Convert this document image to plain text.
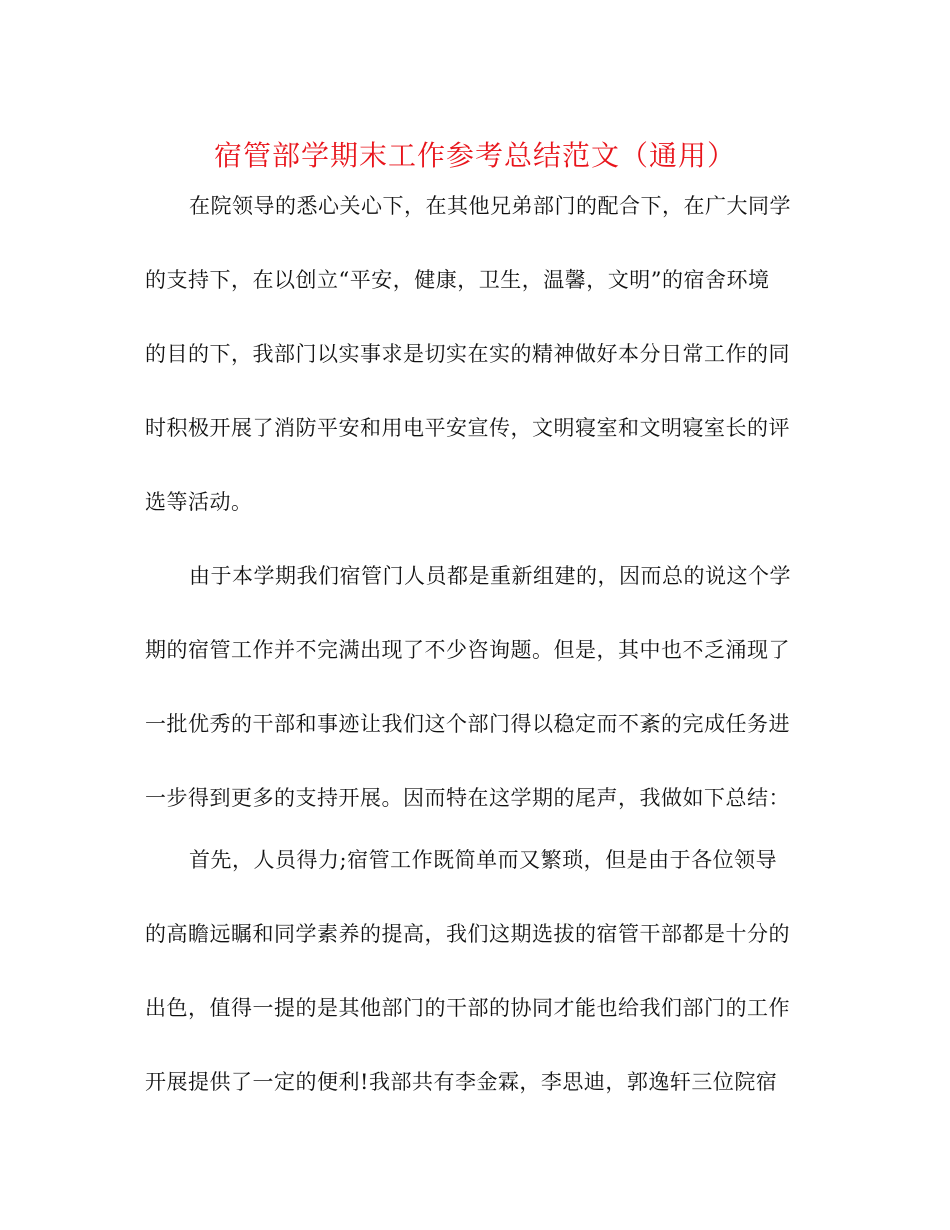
宿管部学期末工作参考总结范文（通用）
在院领导的悉心关心下，在其他兄弟部门的配合下，在广大同学
的支持下，在以创立“平安，健康，卫生，温馨，文明”的宿舍环境
的目的下，我部门以实事求是切实在实的精神做好本分日常工作的同
时积极开展了消防平安和用电平安宣传，文明寝室和文明寝室长的评
选等活动。
由于本学期我们宿管门人员都是重新组建的，因而总的说这个学
期的宿管工作并不完满出现了不少咨询题。但是，其中也不乏涌现了
一批优秀的干部和事迹让我们这个部门得以稳定而不紊的完成任务进
一步得到更多的支持开展。因而特在这学期的尾声，我做如下总结：
首先，人员得力;宿管工作既简单而又繁琐，但是由于各位领导
的高瞻远瞩和同学素养的提高，我们这期选拔的宿管干部都是十分的
出色，值得一提的是其他部门的干部的协同才能也给我们部门的工作
开展提供了一定的便利!我部共有李金霖，李思迪，郭逸轩三位院宿
